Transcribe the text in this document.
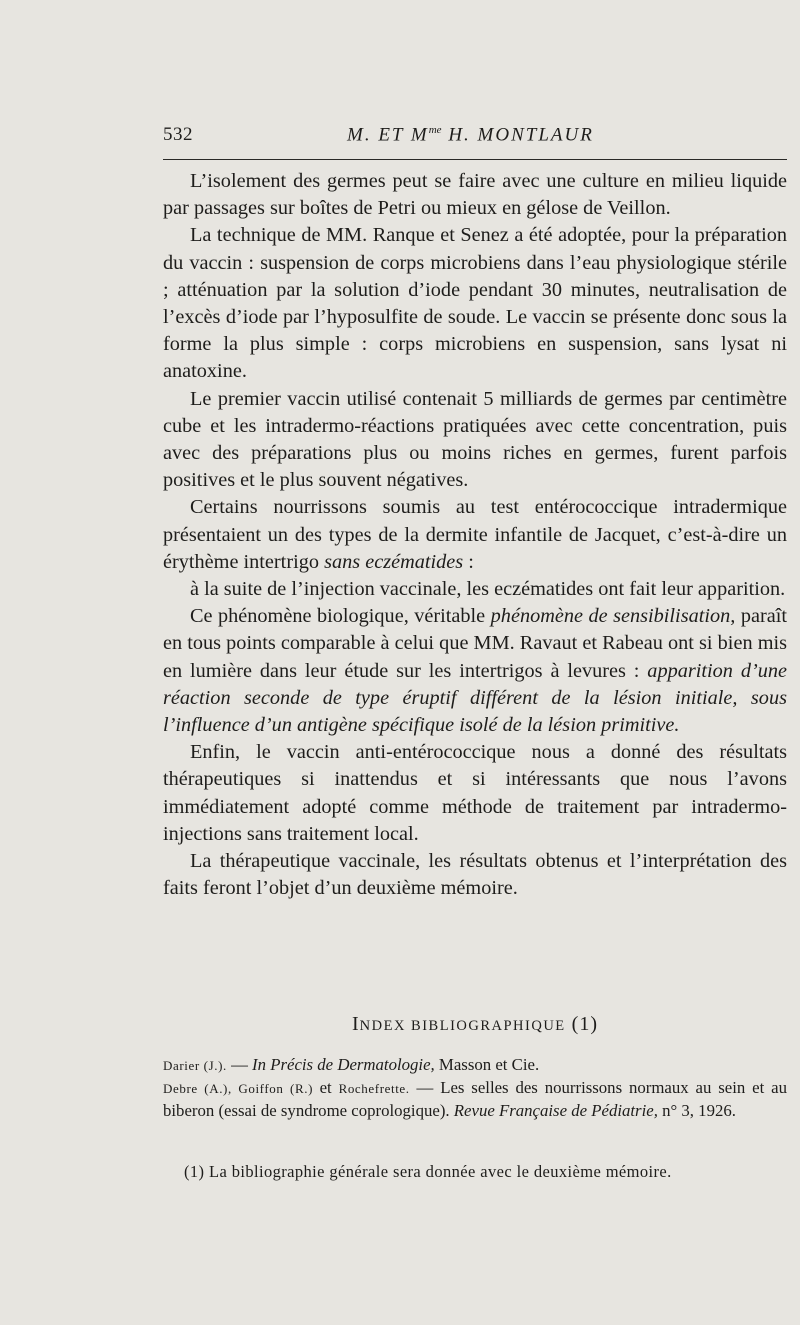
532	M. ET $M^{me}$ H. MONTLAUR

L’isolement des germes peut se faire avec une culture en milieu liquide par passages sur boîtes de Petri ou mieux en gélose de Veillon.

La technique de MM. Ranque et Senez a été adoptée, pour la préparation du vaccin : suspension de corps microbiens dans l’eau physiologique stérile ; atténuation par la solution d’iode pendant 30 minutes, neutralisation de l’excès d’iode par l’hyposulfite de soude. Le vaccin se présente donc sous la forme la plus simple : corps microbiens en suspension, sans lysat ni anatoxine.

Le premier vaccin utilisé contenait 5 milliards de germes par centimètre cube et les intradermo-réactions pratiquées avec cette concentration, puis avec des préparations plus ou moins riches en germes, furent parfois positives et le plus souvent négatives.

Certains nourrissons soumis au test entérococcique intradermique présentaient un des types de la dermite infantile de Jacquet, c’est-à-dire un érythème intertrigo sans eczématides :

à la suite de l’injection vaccinale, les eczématides ont fait leur apparition.

Ce phénomène biologique, véritable phénomène de sensibilisation, paraît en tous points comparable à celui que MM. Ravaut et Rabeau ont si bien mis en lumière dans leur étude sur les intertrigos à levures : apparition d’une réaction seconde de type éruptif différent de la lésion initiale, sous l’influence d’un antigène spécifique isolé de la lésion primitive.

Enfin, le vaccin anti-entérococcique nous a donné des résultats thérapeutiques si inattendus et si intéressants que nous l’avons immédiatement adopté comme méthode de traitement par intradermo-injections sans traitement local.

La thérapeutique vaccinale, les résultats obtenus et l’interprétation des faits feront l’objet d’un deuxième mémoire.

INDEX BIBLIOGRAPHIQUE (1)

Darier (J.). — In Précis de Dermatologie, Masson et Cie.

Debre (A.), Goiffon (R.) et Rochefrette. — Les selles des nourrissons normaux au sein et au biberon (essai de syndrome coprologique). Revue Française de Pédiatrie, n° 3, 1926.

(1) La bibliographie générale sera donnée avec le deuxième mémoire.
